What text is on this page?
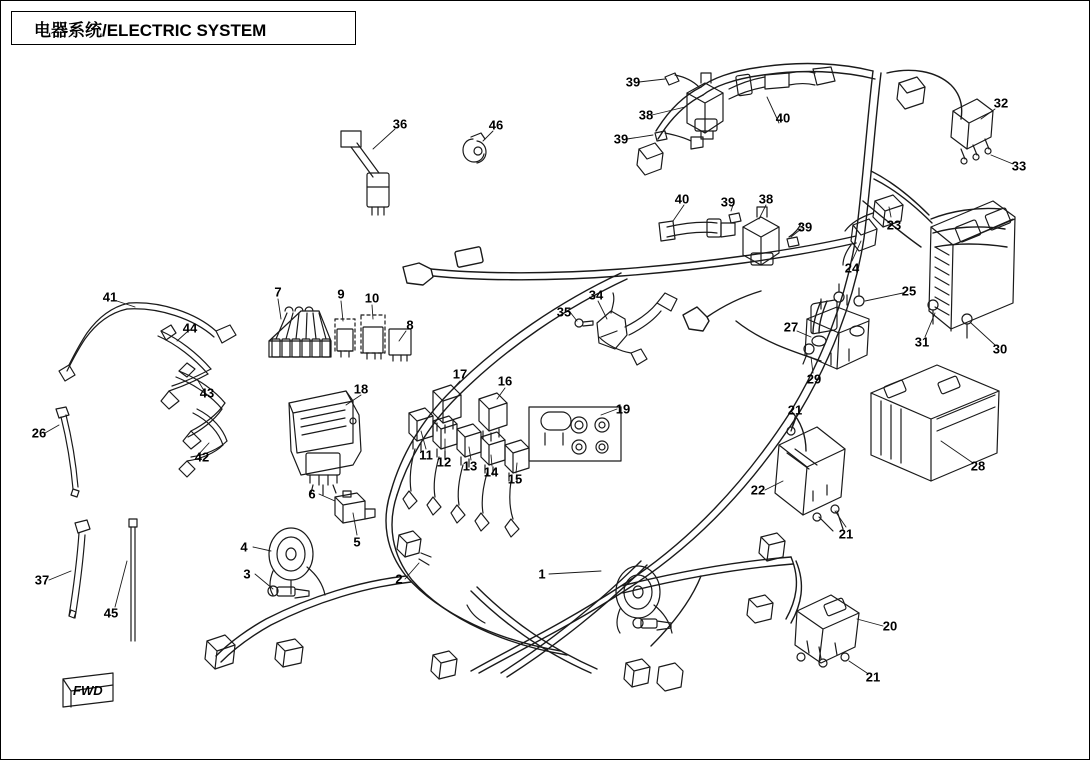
电器系统/ELECTRIC SYSTEM
FWD
1
2
3
4	5
6
7
8
9 10
11 12 13 14 15
16
17
18
19
20
21
21
21
22
23
24
25
26
27
28
29
30
31
32
33
34
35
36
37
38
38
39
39
39
39
40
40
41
42
43
44
45
46
